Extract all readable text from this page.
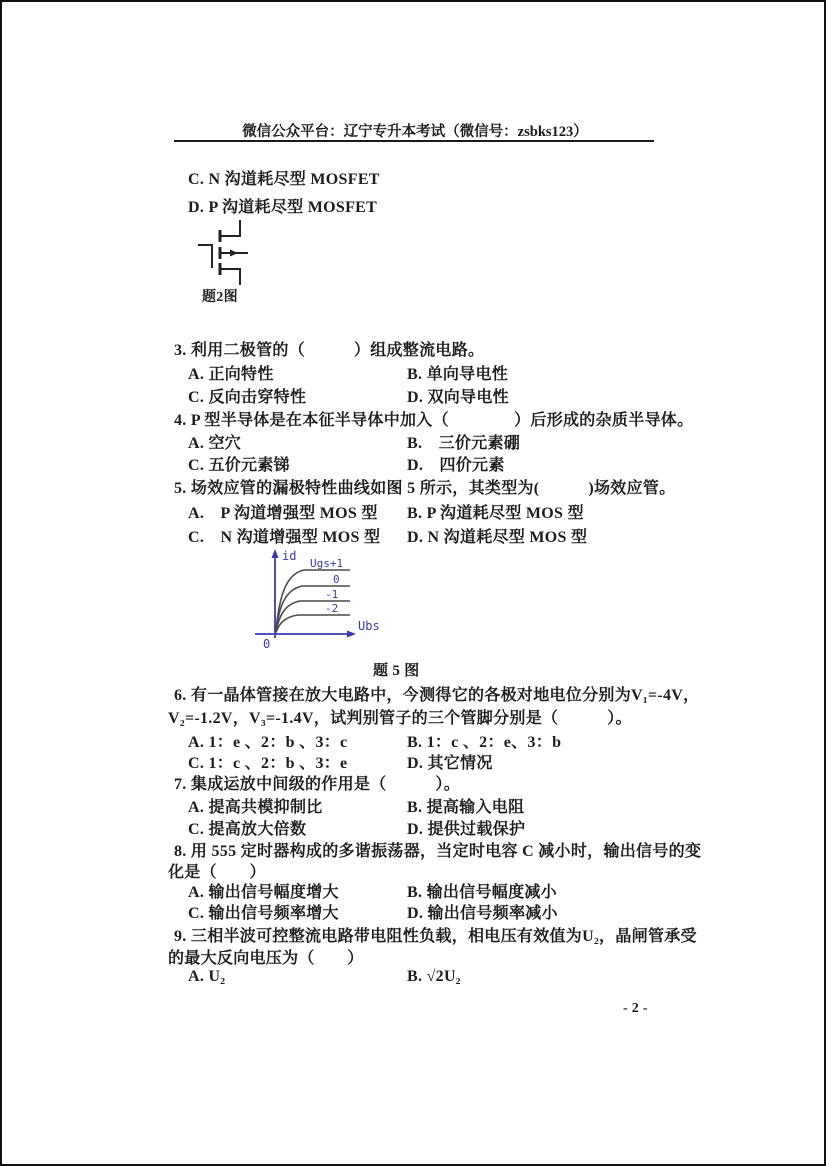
微信公众平台：辽宁专升本考试（微信号：zsbks123）
C. N 沟道耗尽型 MOSFET
D. P 沟道耗尽型 MOSFET
题2图
3. 利用二极管的（　　　）组成整流电路。
A. 正向特性	B. 单向导电性
C. 反向击穿特性	D. 双向导电性
4. P 型半导体是在本征半导体中加入（　　　　）后形成的杂质半导体。
A. 空穴	B.　三价元素硼
C. 五价元素锑	D.　四价元素
5. 场效应管的漏极特性曲线如图 5 所示，其类型为(　　　)场效应管。
A.　P 沟道增强型 MOS 型 B. P 沟道耗尽型 MOS 型
C.　N 沟道增强型 MOS 型 D. N 沟道耗尽型 MOS 型
id
Ugs+1
0
-1
-2
Ubs
0
题 5 图
6. 有一晶体管接在放大电路中，今测得它的各极对地电位分别为V₁=-4V，
V₂=-1.2V，V₃=-1.4V，试判别管子的三个管脚分别是（　　　）。
A. 1：e 、2：b 、3：c	B. 1：c 、2：e、3：b
C. 1：c 、2：b 、3：e	D. 其它情况
7. 集成运放中间级的作用是（　　　）。
A. 提高共模抑制比	B. 提高输入电阻
C. 提高放大倍数	D. 提供过载保护
8. 用 555 定时器构成的多谐振荡器，当定时电容 C 减小时，输出信号的变
化是（　　）
A. 输出信号幅度增大	B. 输出信号幅度减小
C. 输出信号频率增大	D. 输出信号频率减小
9. 三相半波可控整流电路带电阻性负载，相电压有效值为U₂，晶闸管承受
的最大反向电压为（　　）
A. U₂	B. √2U₂
- 2 -
